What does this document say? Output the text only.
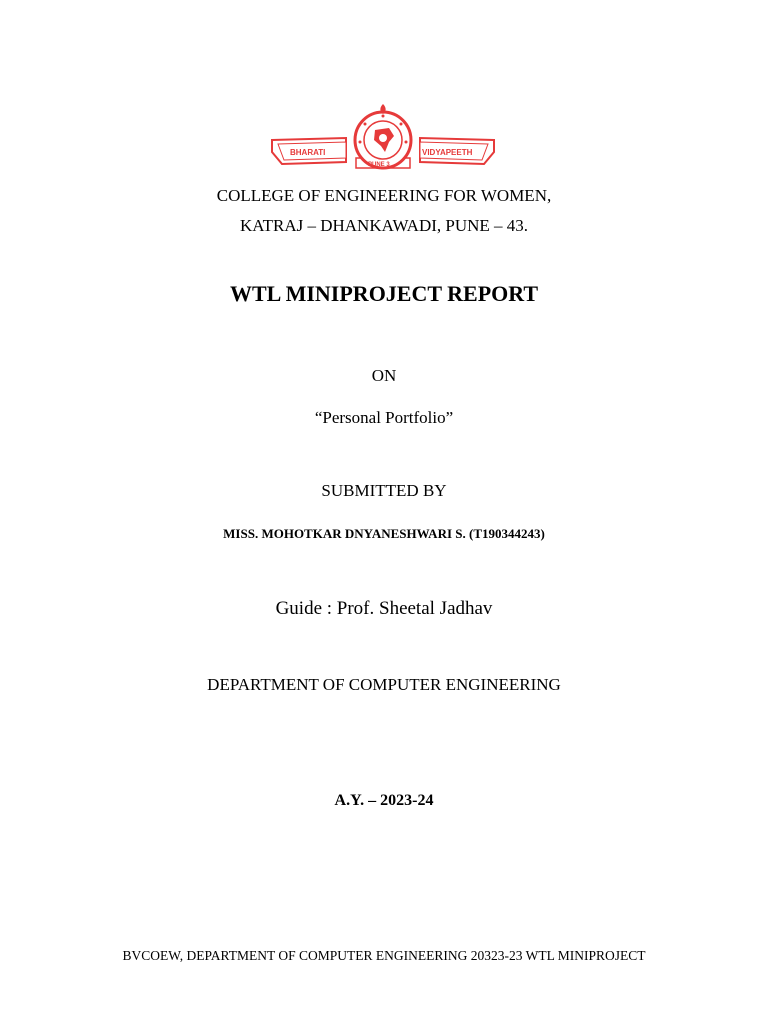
BHARATI	VIDYAPEETH
PUNE 3
COLLEGE OF ENGINEERING FOR WOMEN,
KATRAJ – DHANKAWADI, PUNE – 43.
WTL MINIPROJECT REPORT
ON
“Personal Portfolio”
SUBMITTED BY
MISS. MOHOTKAR DNYANESHWARI S. (T190344243)
Guide : Prof. Sheetal Jadhav
DEPARTMENT OF COMPUTER ENGINEERING
A.Y. – 2023-24
BVCOEW, DEPARTMENT OF COMPUTER ENGINEERING 20323-23 WTL MINIPROJECT
